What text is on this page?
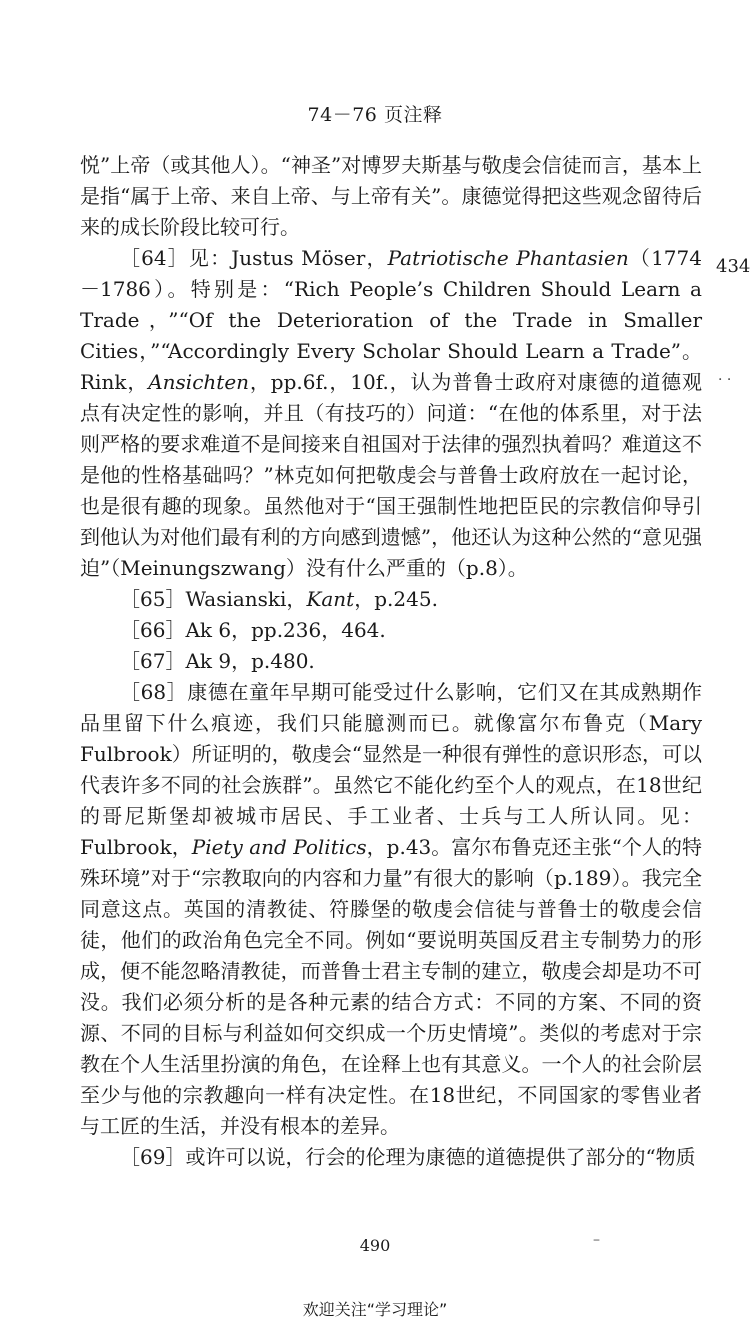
74－76 页注释
434
· ·

悦”上帝（或其他人）。“神圣”对博罗夫斯基与敬虔会信徒而言，基本上是指“属于上帝、来自上帝、与上帝有关”。康德觉得把这些观念留待后来的成长阶段比较可行。

［64］见：Justus Möser，Patriotische Phantasien（1774－1786）。特别是：“Rich People’s Children Should Learn a Trade，”“Of the Deterioration of the Trade in Smaller Cities，”“Accordingly Every Scholar Should Learn a Trade”。Rink，Ansichten，pp.6f.，10f.，认为普鲁士政府对康德的道德观点有决定性的影响，并且（有技巧的）问道：“在他的体系里，对于法则严格的要求难道不是间接来自祖国对于法律的强烈执着吗？难道这不是他的性格基础吗？”林克如何把敬虔会与普鲁士政府放在一起讨论，也是很有趣的现象。虽然他对于“国王强制性地把臣民的宗教信仰导引到他认为对他们最有利的方向感到遗憾”，他还认为这种公然的“意见强迫”（Meinungszwang）没有什么严重的（p.8）。

［65］Wasianski，Kant，p.245.

［66］Ak 6，pp.236，464.

［67］Ak 9，p.480.

［68］康德在童年早期可能受过什么影响，它们又在其成熟期作品里留下什么痕迹，我们只能臆测而已。就像富尔布鲁克（Mary Fulbrook）所证明的，敬虔会“显然是一种很有弹性的意识形态，可以代表许多不同的社会族群”。虽然它不能化约至个人的观点，在18世纪的哥尼斯堡却被城市居民、手工业者、士兵与工人所认同。见：Fulbrook，Piety and Politics，p.43。富尔布鲁克还主张“个人的特殊环境”对于“宗教取向的内容和力量”有很大的影响（p.189）。我完全同意这点。英国的清教徒、符滕堡的敬虔会信徒与普鲁士的敬虔会信徒，他们的政治角色完全不同。例如“要说明英国反君主专制势力的形成，便不能忽略清教徒，而普鲁士君主专制的建立，敬虔会却是功不可没。我们必须分析的是各种元素的结合方式：不同的方案、不同的资源、不同的目标与利益如何交织成一个历史情境”。类似的考虑对于宗教在个人生活里扮演的角色，在诠释上也有其意义。一个人的社会阶层至少与他的宗教趣向一样有决定性。在18世纪，不同国家的零售业者与工匠的生活，并没有根本的差异。

［69］或许可以说，行会的伦理为康德的道德提供了部分的“物质

–
490
欢迎关注“学习理论”
